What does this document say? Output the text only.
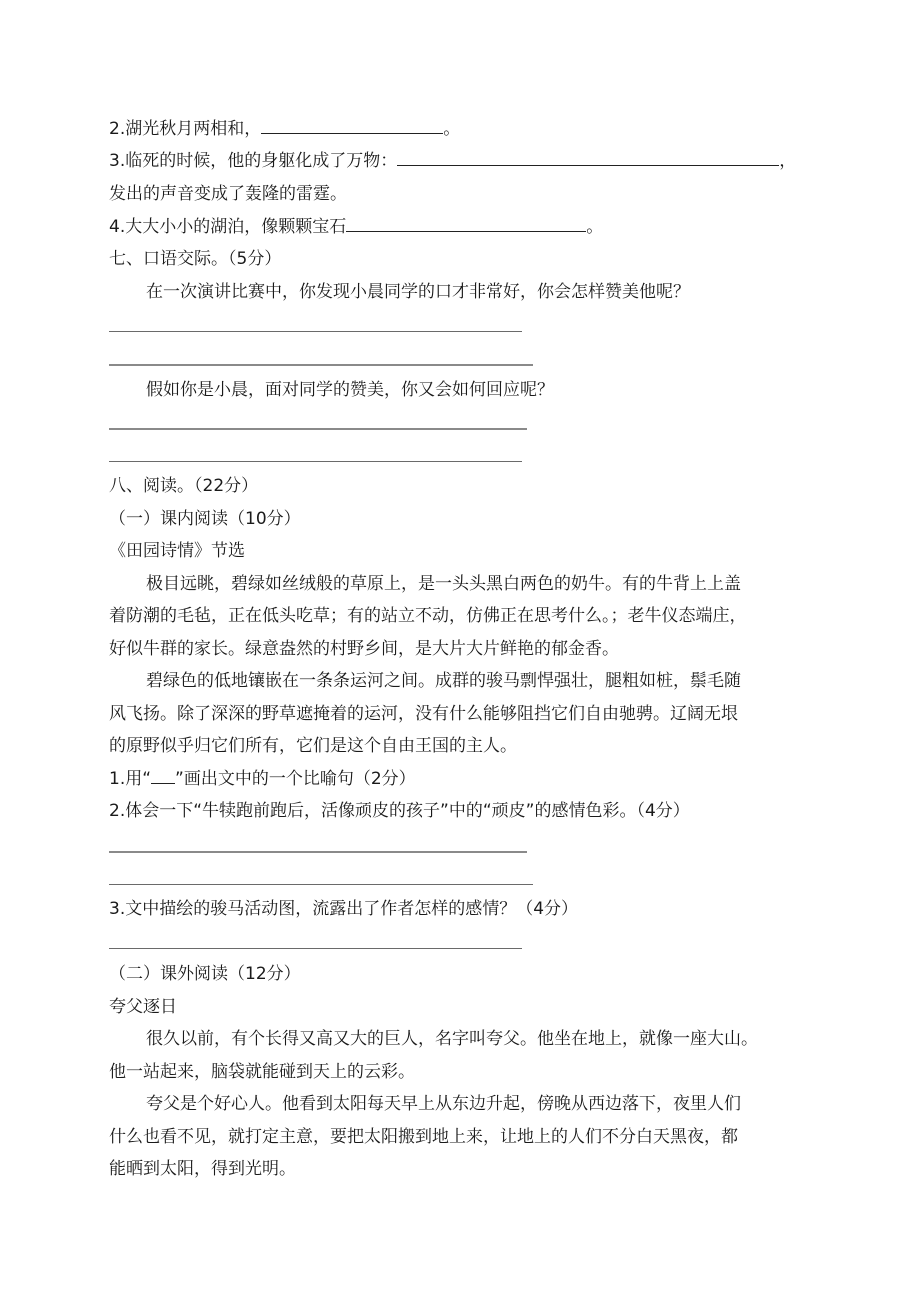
2.湖光秋月两相和，	。
3.临死的时候，他的身躯化成了万物：	，
发出的声音变成了轰隆的雷霆。
4.大大小小的湖泊，像颗颗宝石	。
七、口语交际。（5分）
在一次演讲比赛中，你发现小晨同学的口才非常好，你会怎样赞美他呢？
假如你是小晨，面对同学的赞美，你又会如何回应呢？
八、阅读。（22分）
（一）课内阅读（10分）
《田园诗情》节选
极目远眺，碧绿如丝绒般的草原上，是一头头黑白两色的奶牛。有的牛背上上盖
着防潮的毛毡，正在低头吃草；有的站立不动，仿佛正在思考什么。；老牛仪态端庄，
好似牛群的家长。绿意盎然的村野乡间，是大片大片鲜艳的郁金香。
碧绿色的低地镶嵌在一条条运河之间。成群的骏马剽悍强壮，腿粗如桩，鬃毛随
风飞扬。除了深深的野草遮掩着的运河，没有什么能够阻挡它们自由驰骋。辽阔无垠
的原野似乎归它们所有，它们是这个自由王国的主人。
1.用“ ”画出文中的一个比喻句（2分）
2.体会一下“牛犊跑前跑后，活像顽皮的孩子”中的“顽皮”的感情色彩。（4分）
3.文中描绘的骏马活动图，流露出了作者怎样的感情？（4分）
（二）课外阅读（12分）
夸父逐日
很久以前，有个长得又高又大的巨人，名字叫夸父。他坐在地上，就像一座大山。
他一站起来，脑袋就能碰到天上的云彩。
夸父是个好心人。他看到太阳每天早上从东边升起，傍晚从西边落下，夜里人们
什么也看不见，就打定主意，要把太阳搬到地上来，让地上的人们不分白天黑夜，都
能晒到太阳，得到光明。
